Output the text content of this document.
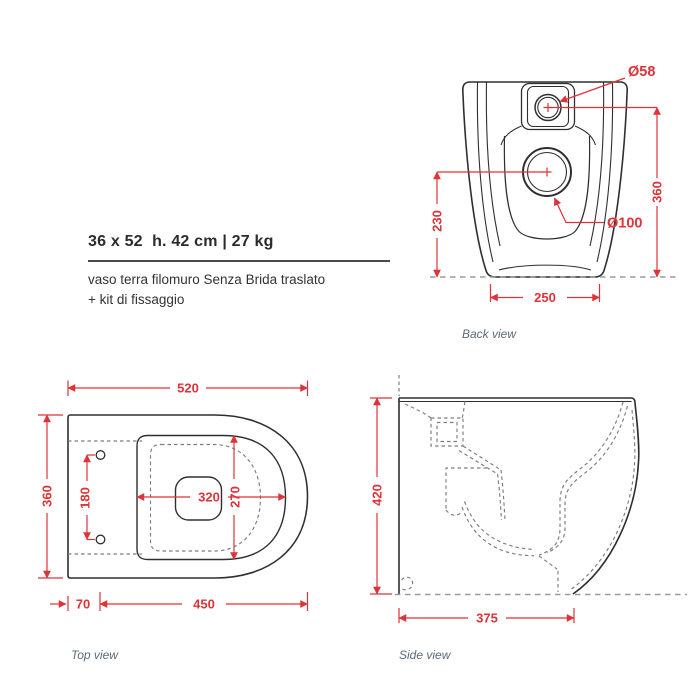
36 x 52  h. 42 cm | 27 kg

vaso terra filomuro Senza Brida traslato
+ kit di fissaggio

360
230
250
Ø58
Ø100
Back view
520
360 180	320 270
70	450
Top view
420
375
Side view
